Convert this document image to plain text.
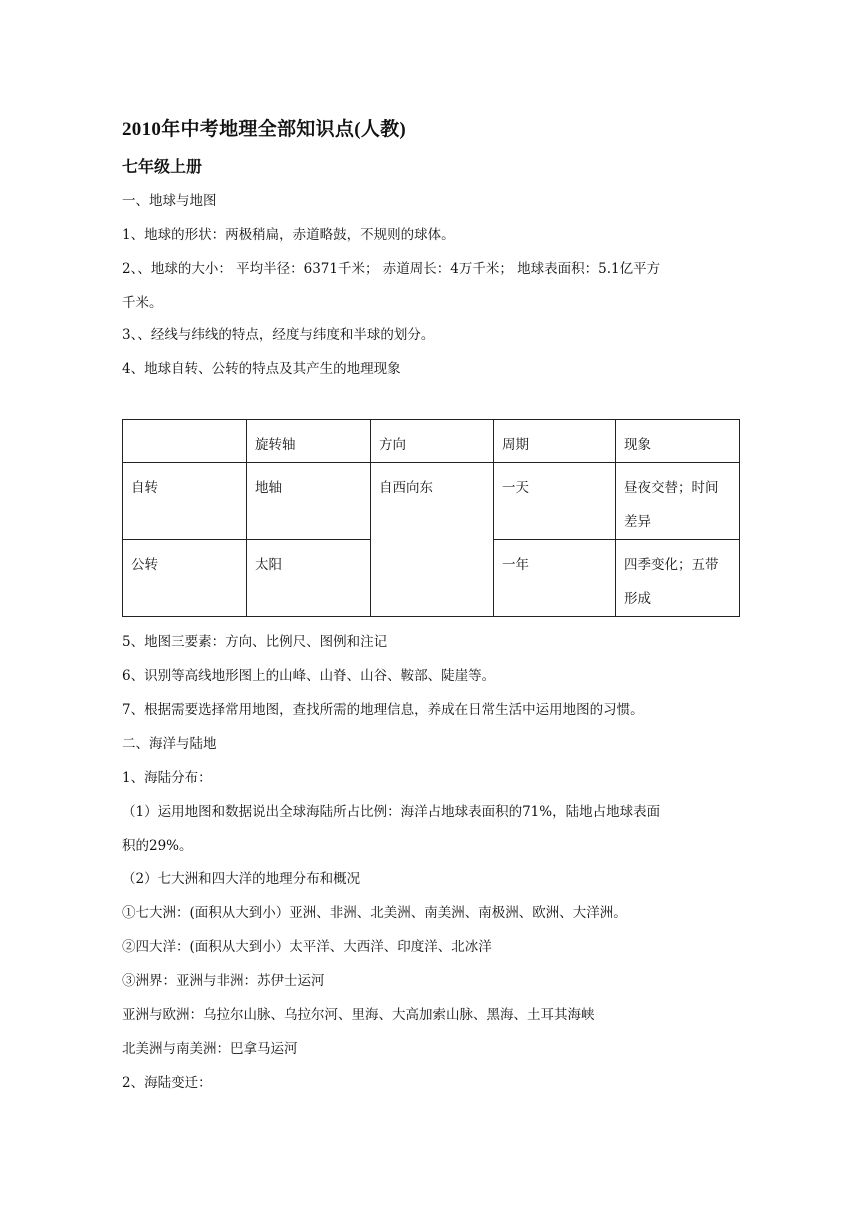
2010年中考地理全部知识点(人教)
七年级上册
一、地球与地图
1、地球的形状：两极稍扁，赤道略鼓，不规则的球体。
2、、地球的大小： 平均半径：6371千米； 赤道周长：4万千米； 地球表面积：5.1亿平方
千米。
3、、经线与纬线的特点，经度与纬度和半球的划分。
4、地球自转、公转的特点及其产生的地理现象
	旋转轴	方向	周期	现象
自转	地轴	自西向东	一天	昼夜交替；时间差异
公转	太阳		一年	四季变化；五带形成
5、地图三要素：方向、比例尺、图例和注记
6、识别等高线地形图上的山峰、山脊、山谷、鞍部、陡崖等。
7、根据需要选择常用地图，查找所需的地理信息，养成在日常生活中运用地图的习惯。
二、海洋与陆地
1、海陆分布：
（1）运用地图和数据说出全球海陆所占比例：海洋占地球表面积的71%，陆地占地球表面
积的29%。
（2）七大洲和四大洋的地理分布和概况
①七大洲：(面积从大到小）亚洲、非洲、北美洲、南美洲、南极洲、欧洲、大洋洲。
②四大洋：(面积从大到小）太平洋、大西洋、印度洋、北冰洋
③洲界：亚洲与非洲：苏伊士运河
亚洲与欧洲：乌拉尔山脉、乌拉尔河、里海、大高加索山脉、黑海、土耳其海峡
北美洲与南美洲：巴拿马运河
2、海陆变迁：
